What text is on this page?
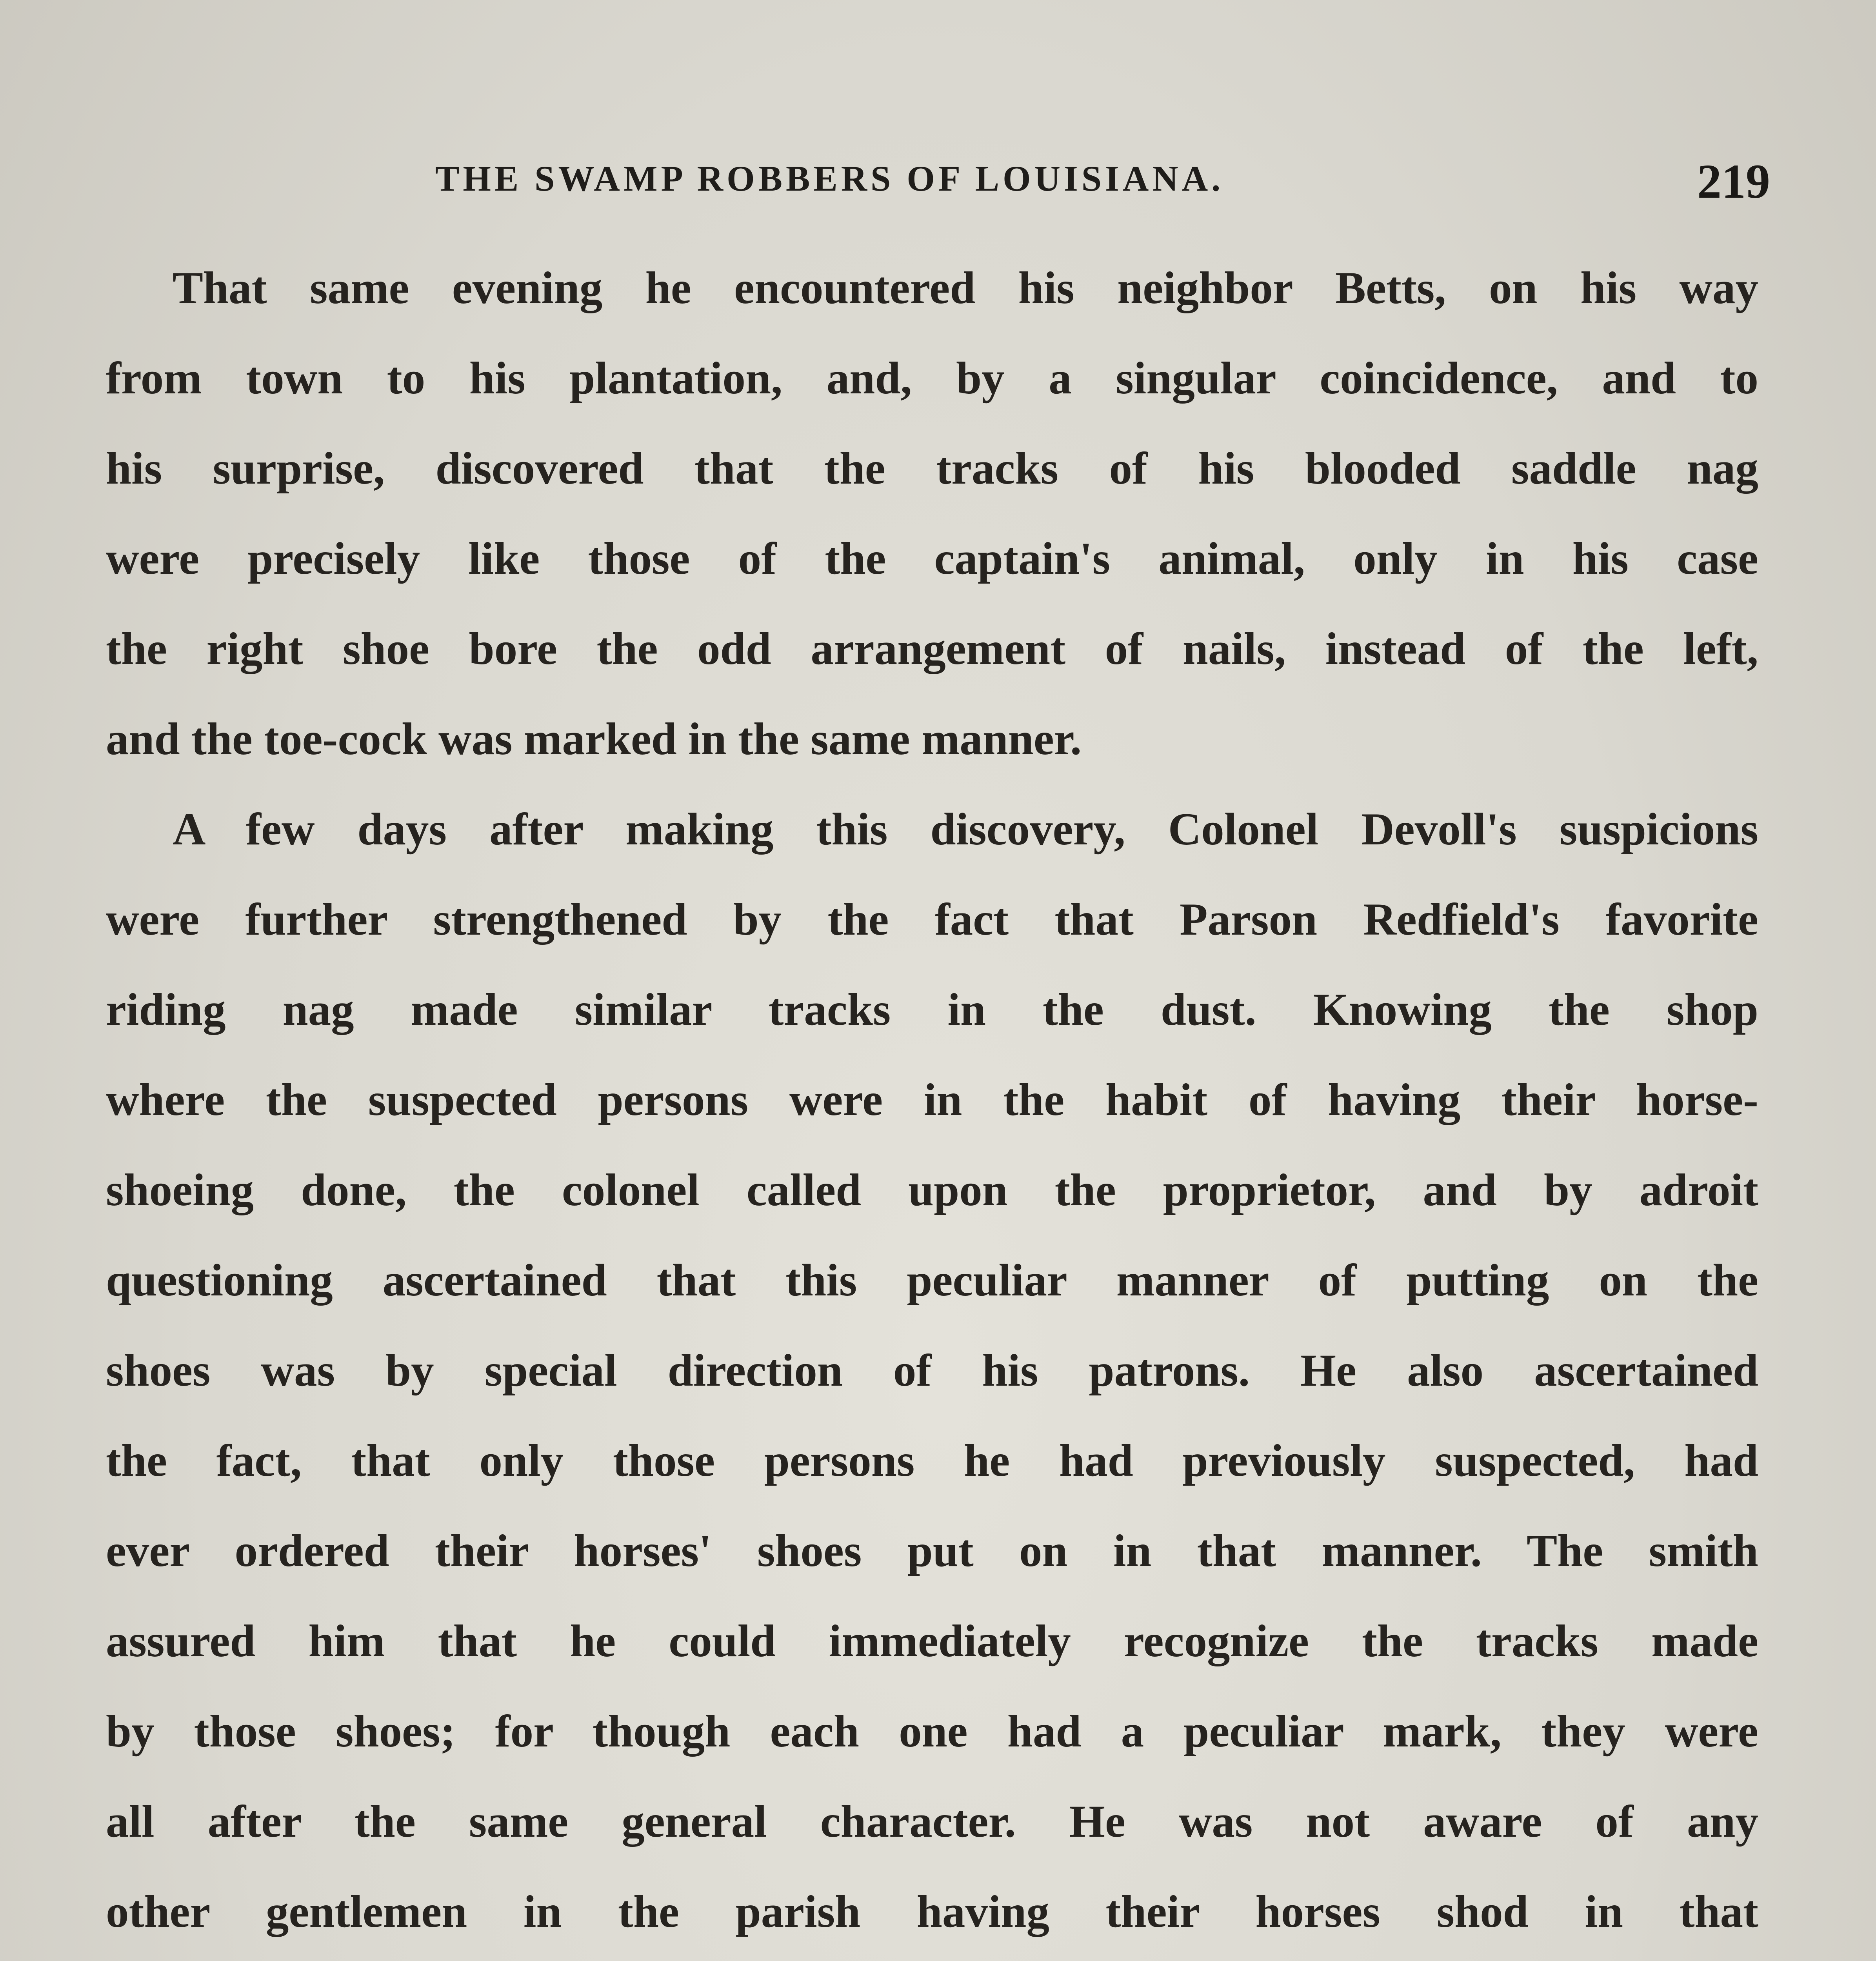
THE SWAMP ROBBERS OF LOUISIANA.	219
That same evening he encountered his neighbor Betts, on his way
from town to his plantation, and, by a singular coincidence, and to
his surprise, discovered that the tracks of his blooded saddle nag
were precisely like those of the captain's animal, only in his case
the right shoe bore the odd arrangement of nails, instead of the left,
and the toe-cock was marked in the same manner.
A few days after making this discovery, Colonel Devoll's suspicions
were further strengthened by the fact that Parson Redfield's favorite
riding nag made similar tracks in the dust. Knowing the shop
where the suspected persons were in the habit of having their horse-
shoeing done, the colonel called upon the proprietor, and by adroit
questioning ascertained that this peculiar manner of putting on the
shoes was by special direction of his patrons. He also ascertained
the fact, that only those persons he had previously suspected, had
ever ordered their horses' shoes put on in that manner. The smith
assured him that he could immediately recognize the tracks made
by those shoes; for though each one had a peculiar mark, they were
all after the same general character. He was not aware of any
other gentlemen in the parish having their horses shod in that
